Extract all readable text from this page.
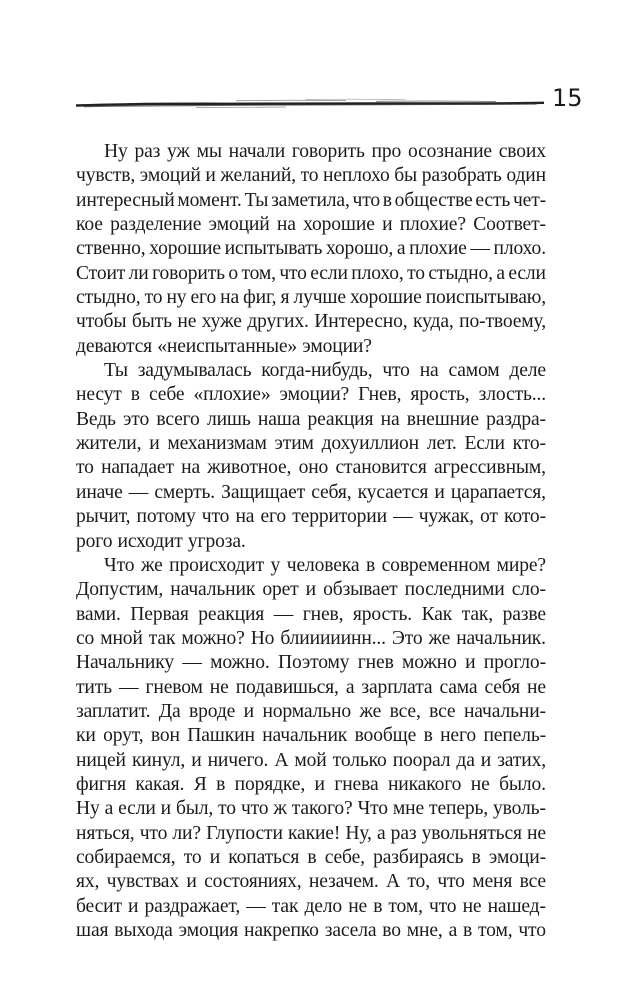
15
Ну раз уж мы начали говорить про осознание своих
чувств, эмоций и желаний, то неплохо бы разобрать один
интересный момент. Ты заметила, что в обществе есть чет-
кое разделение эмоций на хорошие и плохие? Соответ-
ственно, хорошие испытывать хорошо, а плохие — плохо.
Стоит ли говорить о том, что если плохо, то стыдно, а если
стыдно, то ну его на фиг, я лучше хорошие поиспытываю,
чтобы быть не хуже других. Интересно, куда, по-твоему,
деваются «неиспытанные» эмоции?
Ты задумывалась когда-нибудь, что на самом деле
несут в себе «плохие» эмоции? Гнев, ярость, злость...
Ведь это всего лишь наша реакция на внешние раздра-
жители, и механизмам этим дохуиллион лет. Если кто-
то нападает на животное, оно становится агрессивным,
иначе — смерть. Защищает себя, кусается и царапается,
рычит, потому что на его территории — чужак, от кото-
рого исходит угроза.
Что же происходит у человека в современном мире?
Допустим, начальник орет и обзывает последними сло-
вами. Первая реакция — гнев, ярость. Как так, разве
со мной так можно? Но блииииинн... Это же начальник.
Начальнику — можно. Поэтому гнев можно и проглo-
тить — гневом не подавишься, а зарплата сама себя не
заплатит. Да вроде и нормально же все, все начальни-
ки орут, вон Пашкин начальник вообще в него пепель-
ницей кинул, и ничего. А мой только поорал да и затих,
фигня какая. Я в порядке, и гнева никакого не было.
Ну а если и был, то что ж такого? Что мне теперь, уволь-
няться, что ли? Глупости какие! Ну, а раз увольняться не
собираемся, то и копаться в себе, разбираясь в эмоци-
ях, чувствах и состояниях, незачем. А то, что меня все
бесит и раздражает, — так дело не в том, что не нашед-
шая выхода эмоция накрепко засела во мне, а в том, что
